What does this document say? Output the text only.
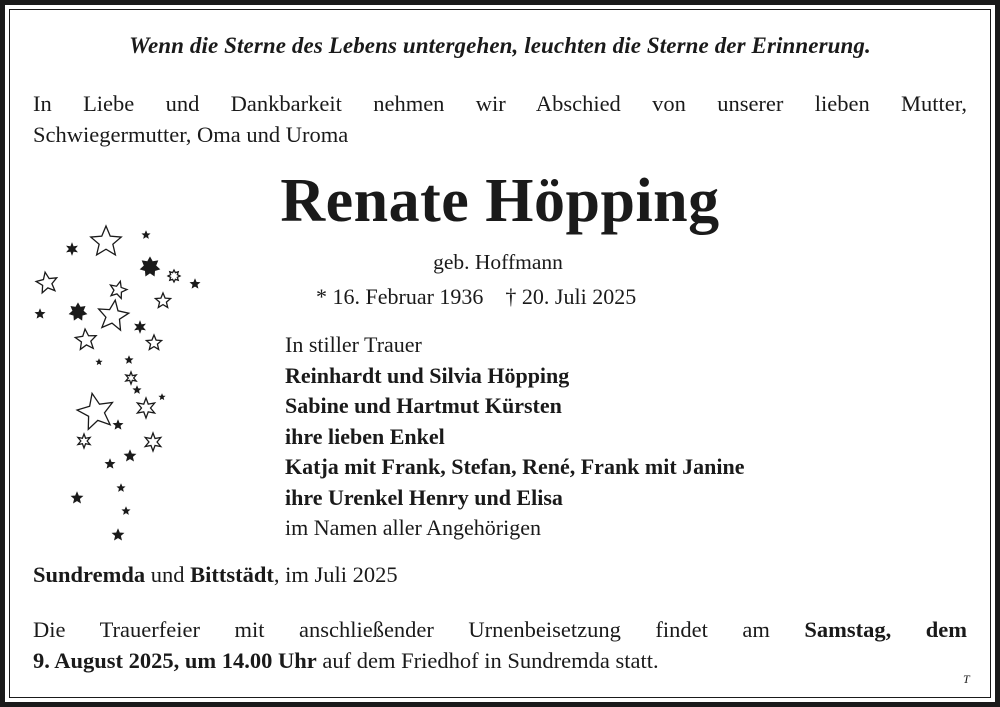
Wenn die Sterne des Lebens untergehen, leuchten die Sterne der Erinnerung.
In Liebe und Dankbarkeit nehmen wir Abschied von unserer lieben Mutter,
Schwiegermutter, Oma und Uroma
Renate Höpping
geb. Hoffmann
* 16. Februar 1936 † 20. Juli 2025
In stiller Trauer
Reinhardt und Silvia Höpping
Sabine und Hartmut Kürsten
ihre lieben Enkel
Katja mit Frank, Stefan, René, Frank mit Janine
ihre Urenkel Henry und Elisa
im Namen aller Angehörigen
Sundremda und Bittstädt, im Juli 2025
Die Trauerfeier mit anschließender Urnenbeisetzung findet am Samstag, dem
9. August 2025, um 14.00 Uhr auf dem Friedhof in Sundremda statt.
T
